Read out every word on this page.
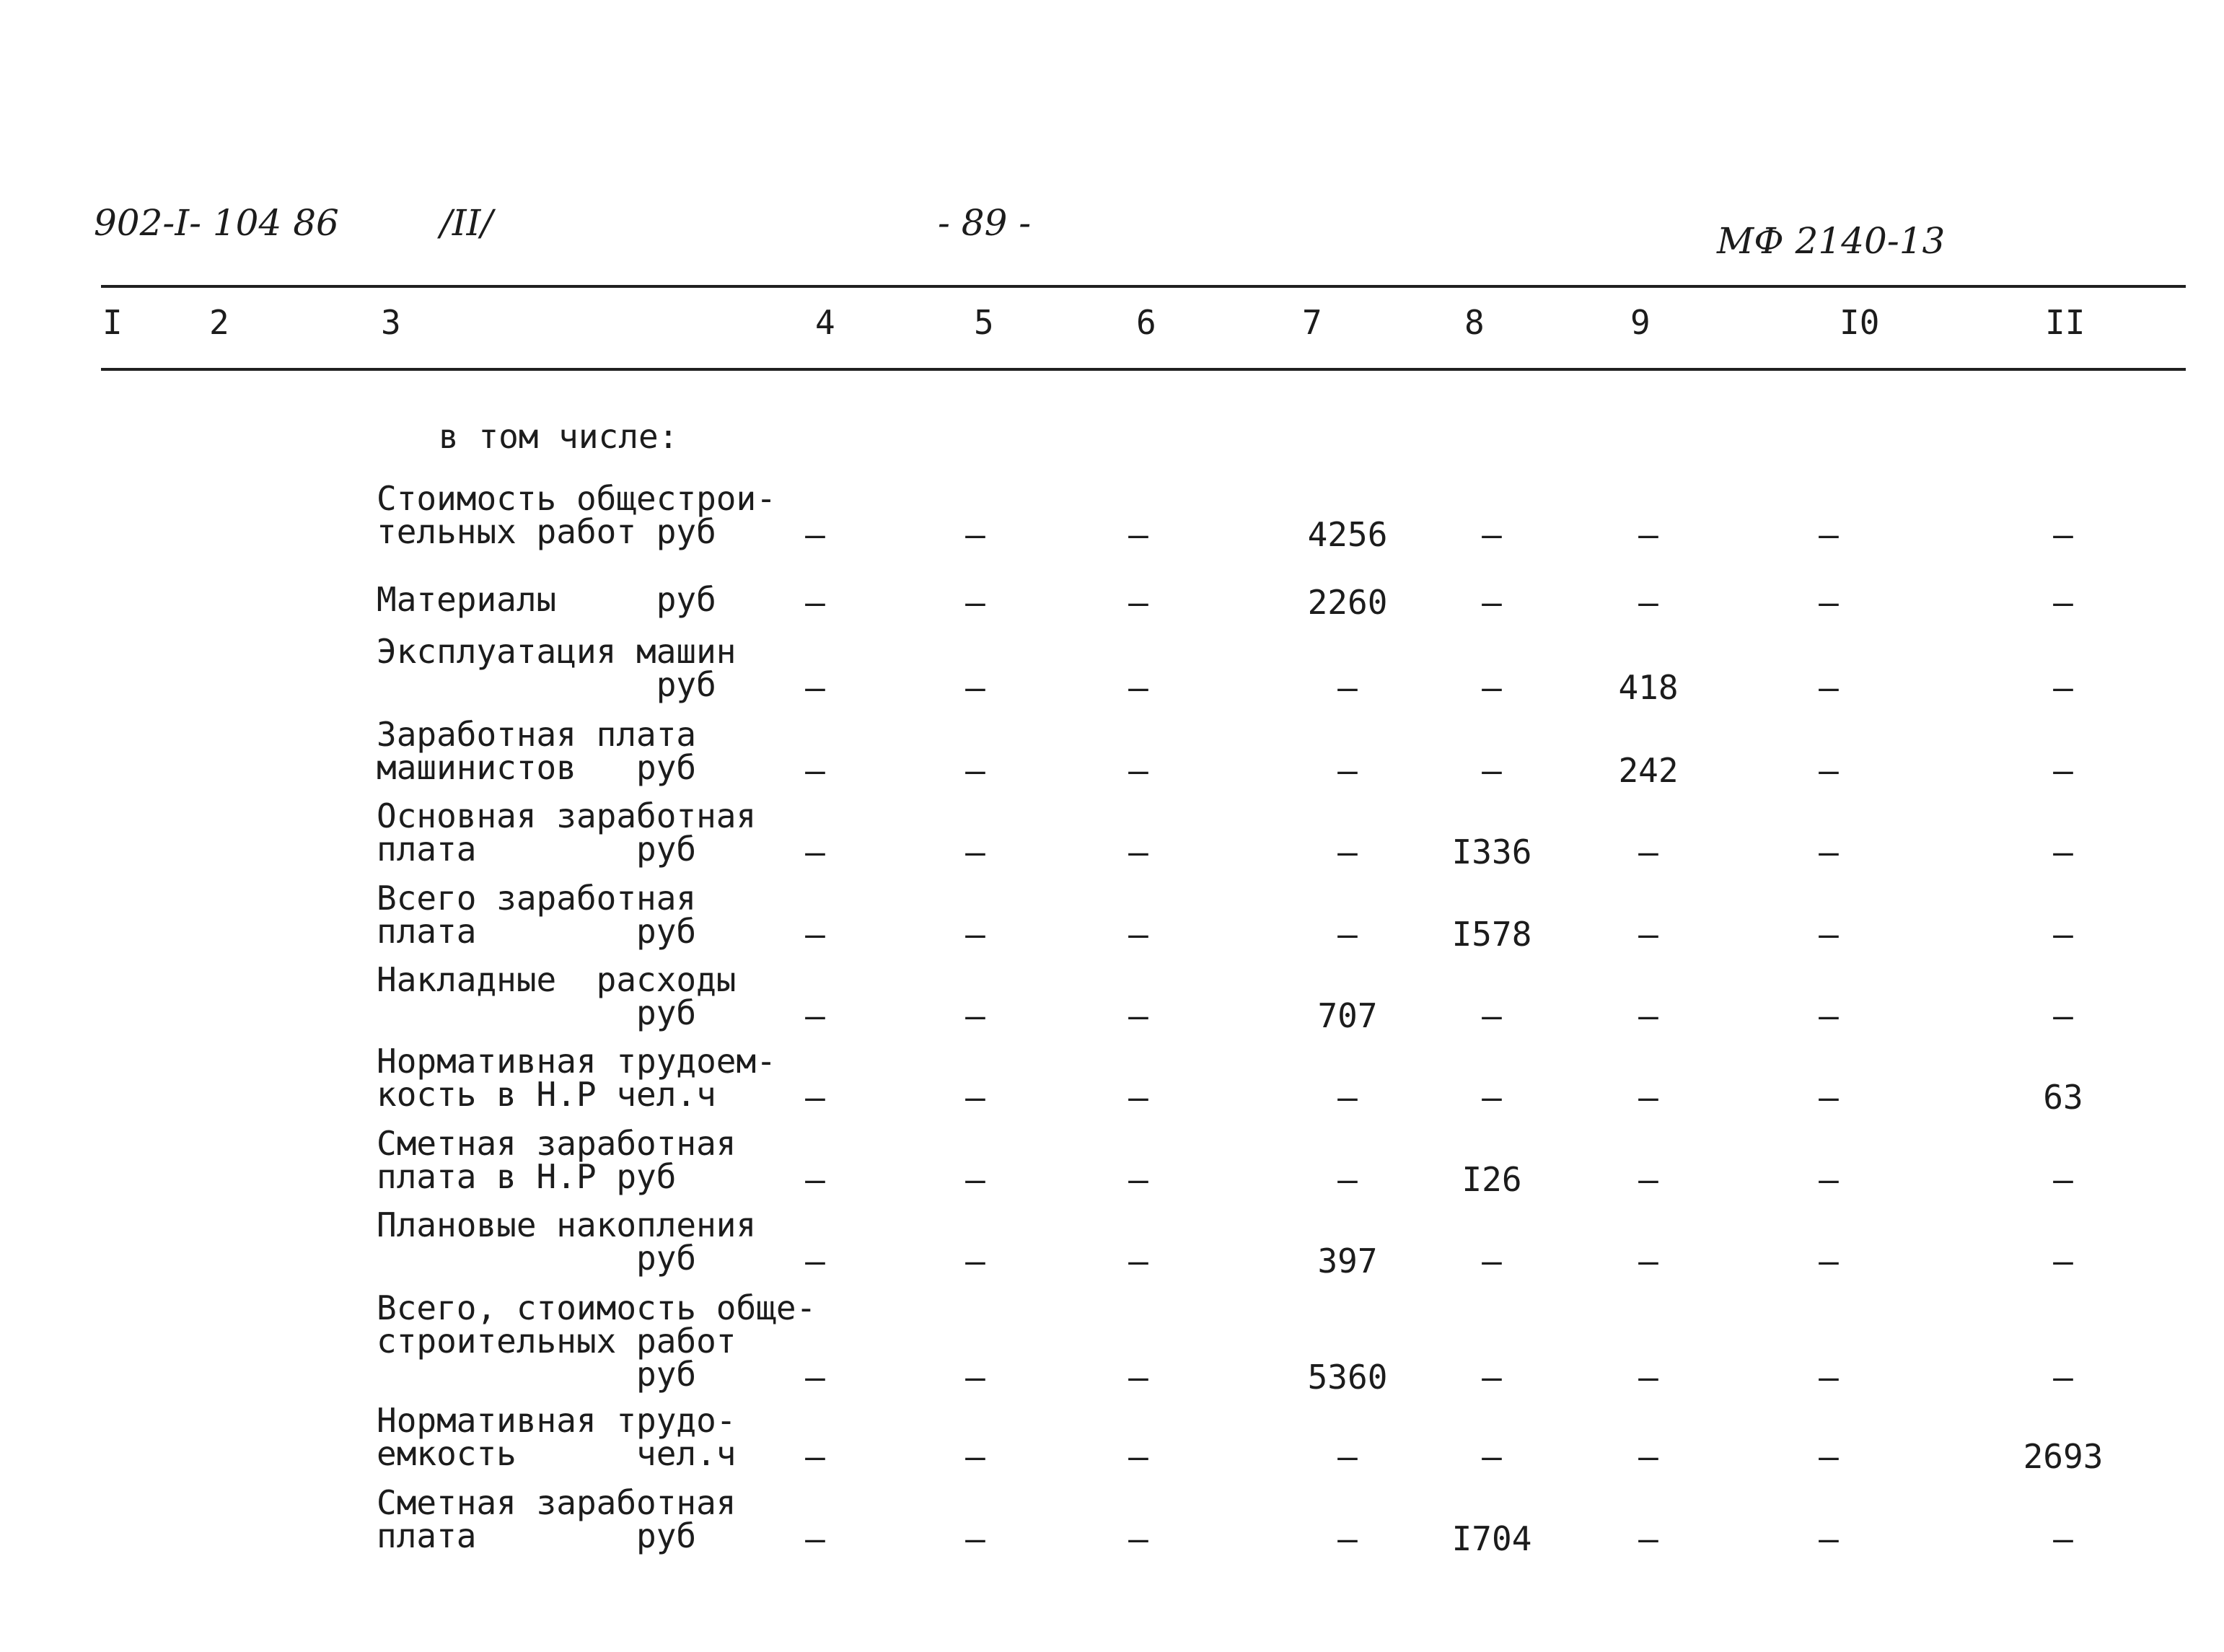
902-I- 104 86	/II/	- 89 -	МФ 2140-13
I	2	3	4	5	6	7	8	9	I0	II
в том числе:
Стоимость общестрои-
тельных работ руб	–	–	–	4256	–	–	–	–
Материалы     руб	–	–	–	2260	–	–	–	–
Эксплуатация машин
руб	–	–	–	–	–	418	–	–
Заработная плата
машинистов   руб	–	–	–	–	–	242	–	–
Основная заработная
плата        руб	–	–	–	–	I336	–	–	–
Всего заработная
плата        руб	–	–	–	–	I578	–	–	–
Накладные  расходы
руб	–	–	–	707	–	–	–	–
Нормативная трудоем-
кость в Н.Р чел.ч	–	–	–	–	–	–	–	63
Сметная заработная
плата в Н.Р руб	–	–	–	–	I26	–	–	–
Плановые накопления
руб	–	–	–	397	–	–	–	–
Всего, стоимость обще-
строительных работ
руб	–	–	–	5360	–	–	–	–
Нормативная трудо-
емкость      чел.ч	–	–	–	–	–	–	–	2693
Сметная заработная
плата        руб	–	–	–	–	I704	–	–	–
